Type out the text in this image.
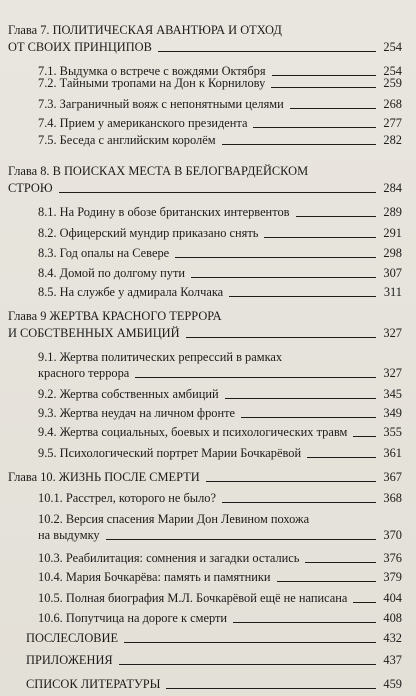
Глава 7. ПОЛИТИЧЕСКАЯ АВАНТЮРА И ОТХОД
ОТ СВОИХ ПРИНЦИПОВ	254
7.1. Выдумка о встрече с вождями Октября	254
7.2. Тайными тропами на Дон к Корнилову	259
7.3. Заграничный вояж с непонятными целями	268
7.4. Прием у американского президента	277
7.5. Беседа с английским королём	282
Глава 8. В ПОИСКАХ МЕСТА В БЕЛОГВАРДЕЙСКОМ
СТРОЮ	284
8.1. На Родину в обозе британских интервентов	289
8.2. Офицерский мундир приказано снять	291
8.3. Год опалы на Севере	298
8.4. Домой по долгому пути	307
8.5. На службе у адмирала Колчака	311
Глава 9 ЖЕРТВА КРАСНОГО ТЕРРОРА
И СОБСТВЕННЫХ АМБИЦИЙ	327
9.1. Жертва политических репрессий в рамках
красного террора	327
9.2. Жертва собственных амбиций	345
9.3. Жертва неудач на личном фронте	349
9.4. Жертва социальных, боевых и психологических травм	355
9.5. Психологический портрет Марии Бочкарёвой	361
Глава 10. ЖИЗНЬ ПОСЛЕ СМЕРТИ	367
10.1. Расстрел, которого не было?	368
10.2. Версия спасения Марии Дон Левином похожа
на выдумку	370
10.3. Реабилитация: сомнения и загадки остались	376
10.4. Мария Бочкарёва: память и памятники	379
10.5. Полная биография М.Л. Бочкарёвой ещё не написана	404
10.6. Попутчица на дороге к смерти	408
ПОСЛЕСЛОВИЕ	432
ПРИЛОЖЕНИЯ	437
СПИСОК ЛИТЕРАТУРЫ	459
